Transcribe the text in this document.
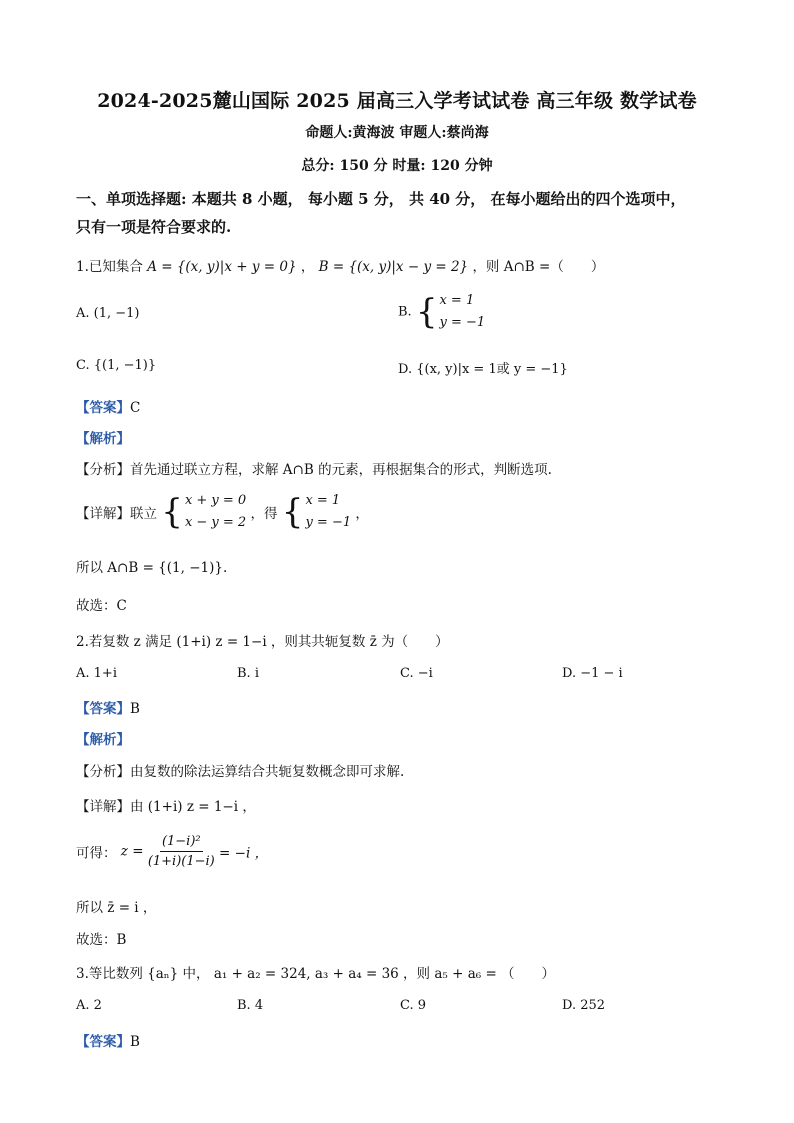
2024-2025麓山国际 2025 届高三入学考试试卷 高三年级 数学试卷
命题人:黄海波 审题人:蔡尚海
总分: 150 分 时量: 120 分钟
一、单项选择题: 本题共 8 小题， 每小题 5 分， 共 40 分， 在每小题给出的四个选项中，
只有一项是符合要求的.
1.已知集合 A = {(x, y)|x + y = 0} ， B = {(x, y)|x − y = 2} ，则 A∩B =（　　）
A. (1, −1)	B. { x = 1
y = −1
C. {(1, −1)}	D. {(x, y)|x = 1或 y = −1}
【答案】C
【解析】
【分析】首先通过联立方程，求解 A∩B 的元素，再根据集合的形式，判断选项.
【详解】联立 { x + y = 0
x − y = 2
，得 { x = 1
y = −1
，
所以 A∩B = {(1, −1)}.
故选：C
2.若复数 z 满足 (1+i) z = 1−i ，则其共轭复数 z̄ 为（　　）
A. 1+i	B. i	C. −i	D. −1 − i
【答案】B
【解析】
【分析】由复数的除法运算结合共轭复数概念即可求解.
【详解】由 (1+i) z = 1−i ，
可得： $z = \frac{\text{(1−i)²}}{(1+i)(1-i)} = -i$ ，
所以 z̄ = i ，
故选：B
3.等比数列 {aₙ} 中， a₁ + a₂ = 324, a₃ + a₄ = 36 ，则 a₅ + a₆ = （　　）
A. 2	B. 4	C. 9	D. 252
【答案】B
